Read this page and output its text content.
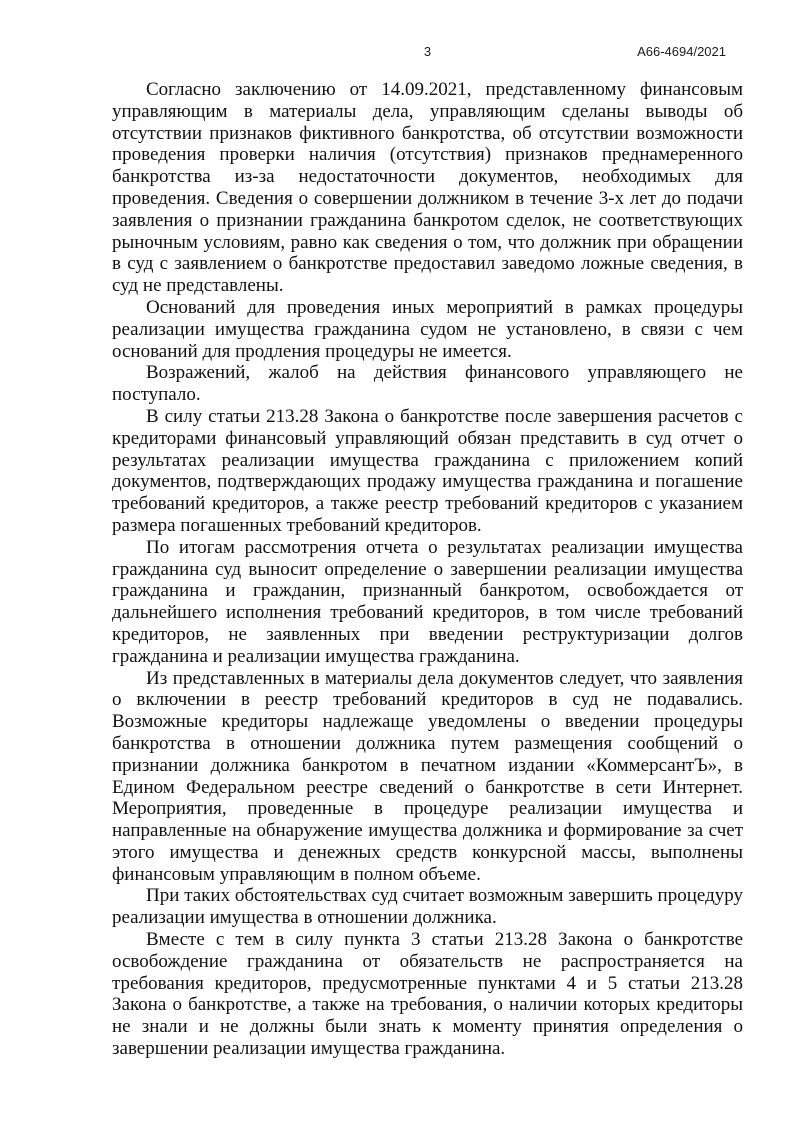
3	А66-4694/2021

Согласно заключению от 14.09.2021, представленному финансовым управляющим в материалы дела, управляющим сделаны выводы об отсутствии признаков фиктивного банкротства, об отсутствии возможности проведения проверки наличия (отсутствия) признаков преднамеренного банкротства из-за недостаточности документов, необходимых для проведения. Сведения о совершении должником в течение 3-х лет до подачи заявления о признании гражданина банкротом сделок, не соответствующих рыночным условиям, равно как сведения о том, что должник при обращении в суд с заявлением о банкротстве предоставил заведомо ложные сведения, в суд не представлены.

Оснований для проведения иных мероприятий в рамках процедуры реализации имущества гражданина судом не установлено, в связи с чем оснований для продления процедуры не имеется.

Возражений, жалоб на действия финансового управляющего не поступало.

В силу статьи 213.28 Закона о банкротстве после завершения расчетов с кредиторами финансовый управляющий обязан представить в суд отчет о результатах реализации имущества гражданина с приложением копий документов, подтверждающих продажу имущества гражданина и погашение требований кредиторов, а также реестр требований кредиторов с указанием размера погашенных требований кредиторов.

По итогам рассмотрения отчета о результатах реализации имущества гражданина суд выносит определение о завершении реализации имущества гражданина и гражданин, признанный банкротом, освобождается от дальнейшего исполнения требований кредиторов, в том числе требований кредиторов, не заявленных при введении реструктуризации долгов гражданина и реализации имущества гражданина.

Из представленных в материалы дела документов следует, что заявления о включении в реестр требований кредиторов в суд не подавались. Возможные кредиторы надлежаще уведомлены о введении процедуры банкротства в отношении должника путем размещения сообщений о признании должника банкротом в печатном издании «КоммерсантЪ», в Едином Федеральном реестре сведений о банкротстве в сети Интернет. Мероприятия, проведенные в процедуре реализации имущества и направленные на обнаружение имущества должника и формирование за счет этого имущества и денежных средств конкурсной массы, выполнены финансовым управляющим в полном объеме.

При таких обстоятельствах суд считает возможным завершить процедуру реализации имущества в отношении должника.

Вместе с тем в силу пункта 3 статьи 213.28 Закона о банкротстве освобождение гражданина от обязательств не распространяется на требования кредиторов, предусмотренные пунктами 4 и 5 статьи 213.28 Закона о банкротстве, а также на требования, о наличии которых кредиторы не знали и не должны были знать к моменту принятия определения о завершении реализации имущества гражданина.
